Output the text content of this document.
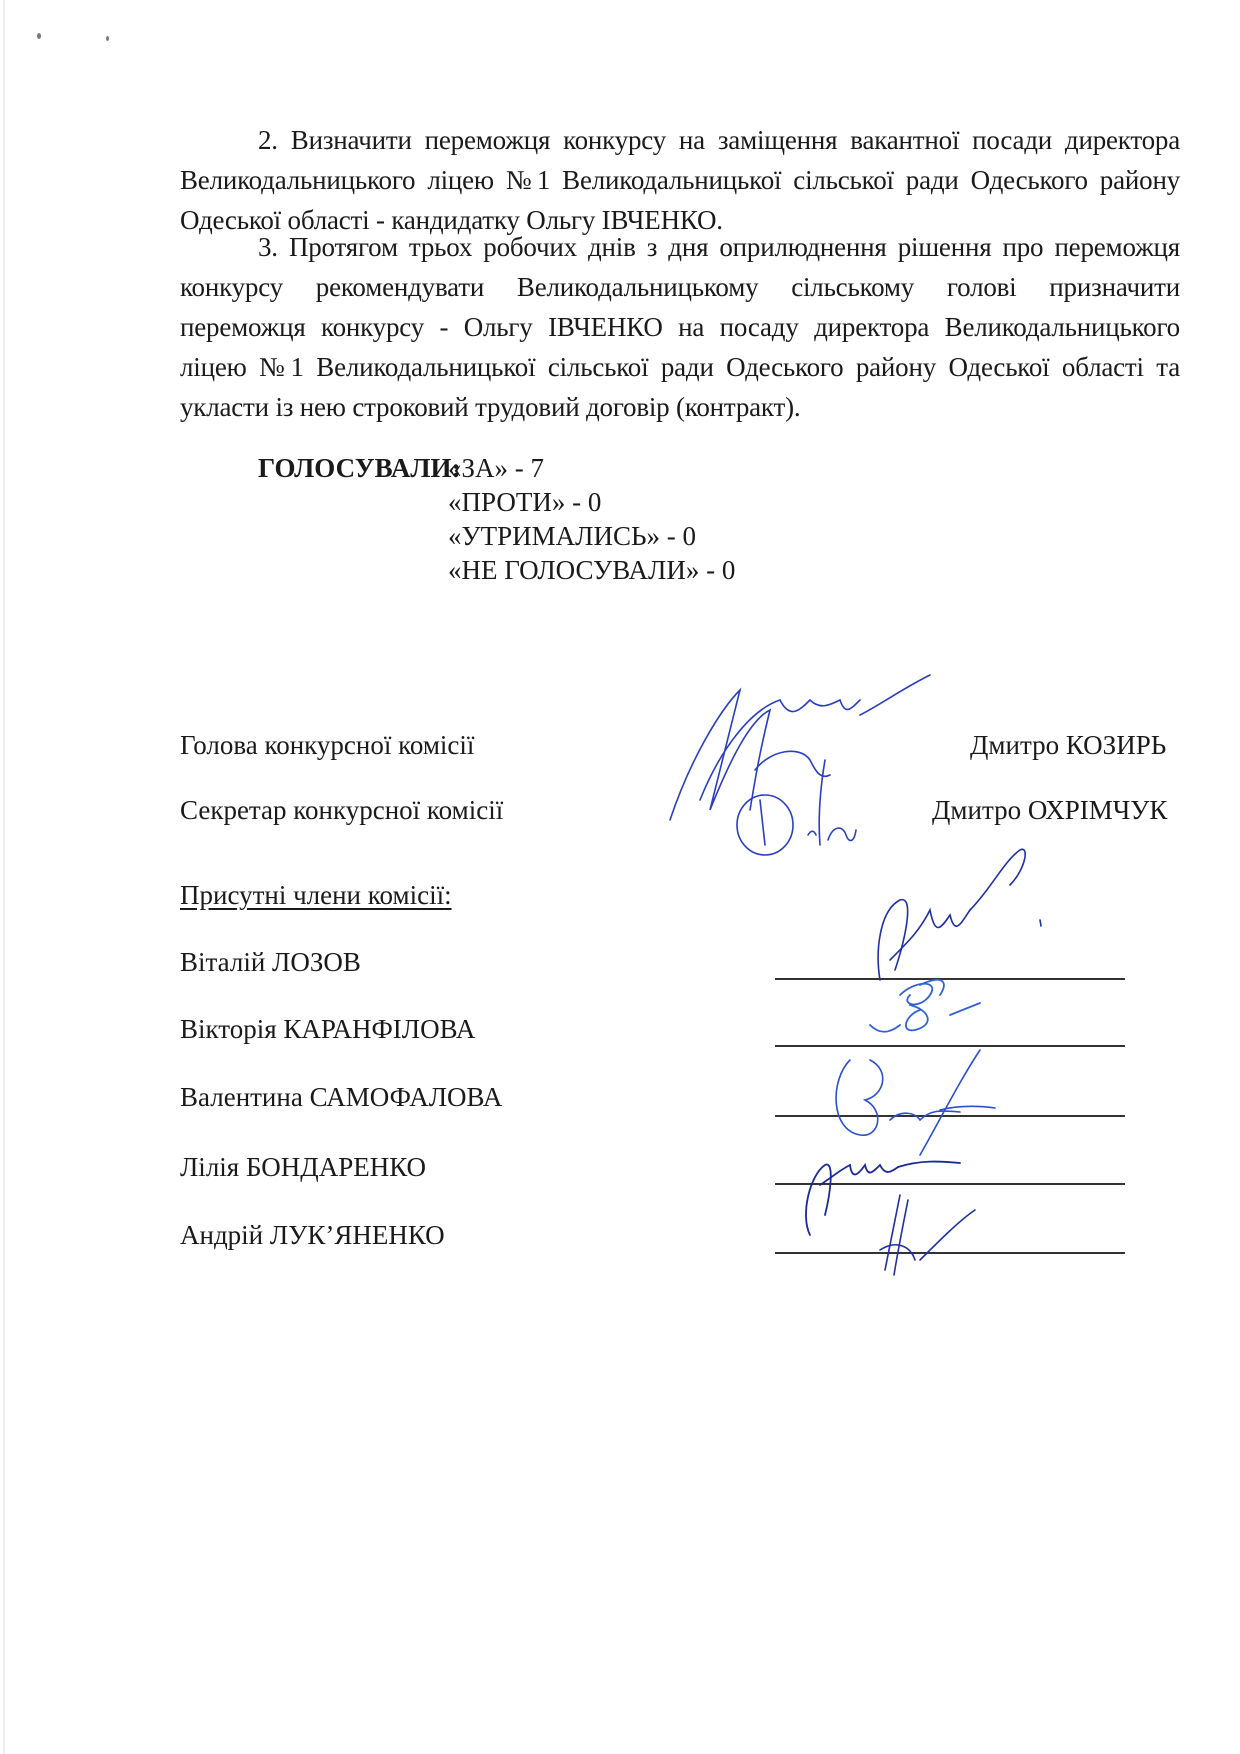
2. Визначити переможця конкурсу на заміщення вакантної посади директора Великодальницького ліцею №1 Великодальницької сільської ради Одеського району Одеської області - кандидатку Ольгу ІВЧЕНКО.
3. Протягом трьох робочих днів з дня оприлюднення рішення про переможця конкурсу рекомендувати Великодальницькому сільському голові призначити переможця конкурсу - Ольгу ІВЧЕНКО на посаду директора Великодальницького ліцею №1 Великодальницької сільської ради Одеського району Одеської області та укласти із нею строковий трудовий договір (контракт).
ГОЛОСУВАЛИ:
«ЗА» - 7
«ПРОТИ» - 0
«УТРИМАЛИСЬ» - 0
«НЕ ГОЛОСУВАЛИ» - 0
Голова конкурсної комісії	Дмитро КОЗИРЬ
Секретар конкурсної комісії	Дмитро ОХРІМЧУК
Присутні члени комісії:
Віталій ЛОЗОВ
Вікторія КАРАНФІЛОВА
Валентина САМОФАЛОВА
Лілія БОНДАРЕНКО
Андрій ЛУК’ЯНЕНКО
